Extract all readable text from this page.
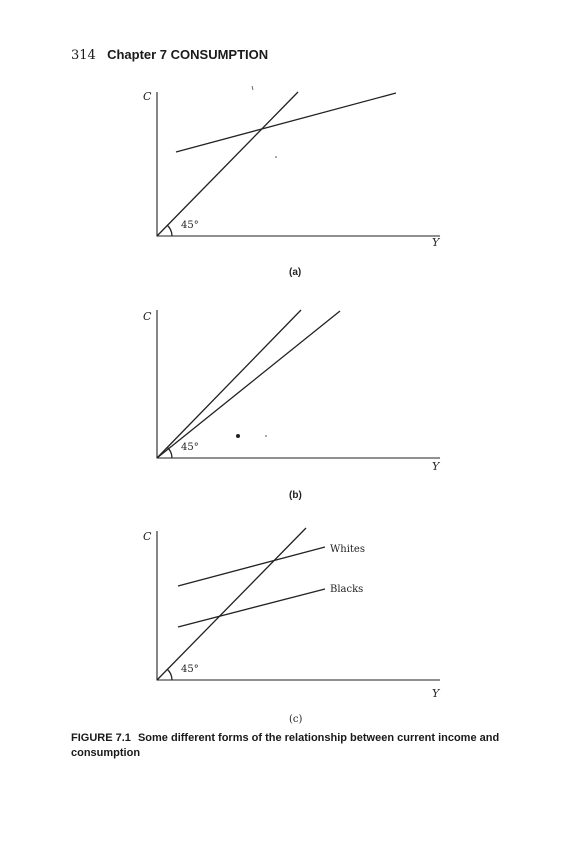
314 Chapter 7 CONSUMPTION
C
Y
45°
(a)
C
Y
45°
(b)
C
Y
45°
Whites
Blacks
(c)
FIGURE 7.1 Some different forms of the relationship between current income and consumption
